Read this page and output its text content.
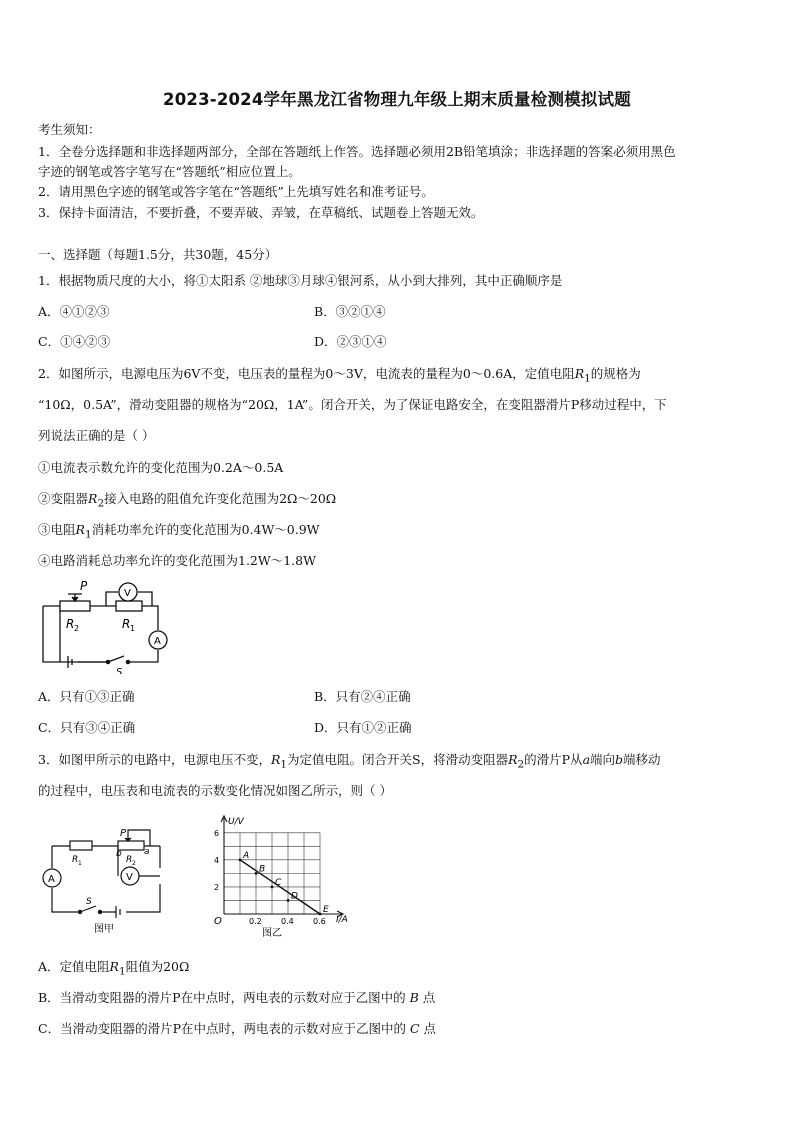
2023-2024学年黑龙江省物理九年级上期末质量检测模拟试题
考生须知：
1．全卷分选择题和非选择题两部分，全部在答题纸上作答。选择题必须用2B铅笔填涂；非选择题的答案必须用黑色
字迹的钢笔或答字笔写在“答题纸”相应位置上。
2．请用黑色字迹的钢笔或答字笔在“答题纸”上先填写姓名和准考证号。
3．保持卡面清洁，不要折叠，不要弄破、弄皱，在草稿纸、试题卷上答题无效。
一、选择题（每题1.5分，共30题，45分）
1．根据物质尺度的大小，将①太阳系 ②地球③月球④银河系，从小到大排列，其中正确顺序是
A．④①②③	B．③②①④
C．①④②③	D．②③①④
2．如图所示，电源电压为6V不变，电压表的量程为0～3V，电流表的量程为0～0.6A，定值电阻$R_1$的规格为
“10Ω，0.5A”，滑动变阻器的规格为“20Ω，1A”。闭合开关，为了保证电路安全，在变阻器滑片P移动过程中，下
列说法正确的是（ ）
①电流表示数允许的变化范围为0.2A～0.5A
②变阻器$R_2$接入电路的阻值允许变化范围为2Ω～20Ω
③电阻$R_1$消耗功率允许的变化范围为0.4W～0.9W
④电路消耗总功率允许的变化范围为1.2W～1.8W
P
R 2	R 1
V
A
S
A．只有①③正确	B．只有②④正确
C．只有③④正确	D．只有①②正确
3．如图甲所示的电路中，电源电压不变，$R_1$为定值电阻。闭合开关S，将滑动变阻器$R_2$的滑片P从a端向b端移动
的过程中，电压表和电流表的示数变化情况如图乙所示，则（ ）
R 1	R 2
P
a
b
A	V
S
图甲
0.2 0.4 0.6
2
4
6
A
B
C
D
E
U/V
I/A
O
图乙
A．定值电阻$R_1$阻值为20Ω
B．当滑动变阻器的滑片P在中点时，两电表的示数对应于乙图中的 B 点
C．当滑动变阻器的滑片P在中点时，两电表的示数对应于乙图中的 C 点
